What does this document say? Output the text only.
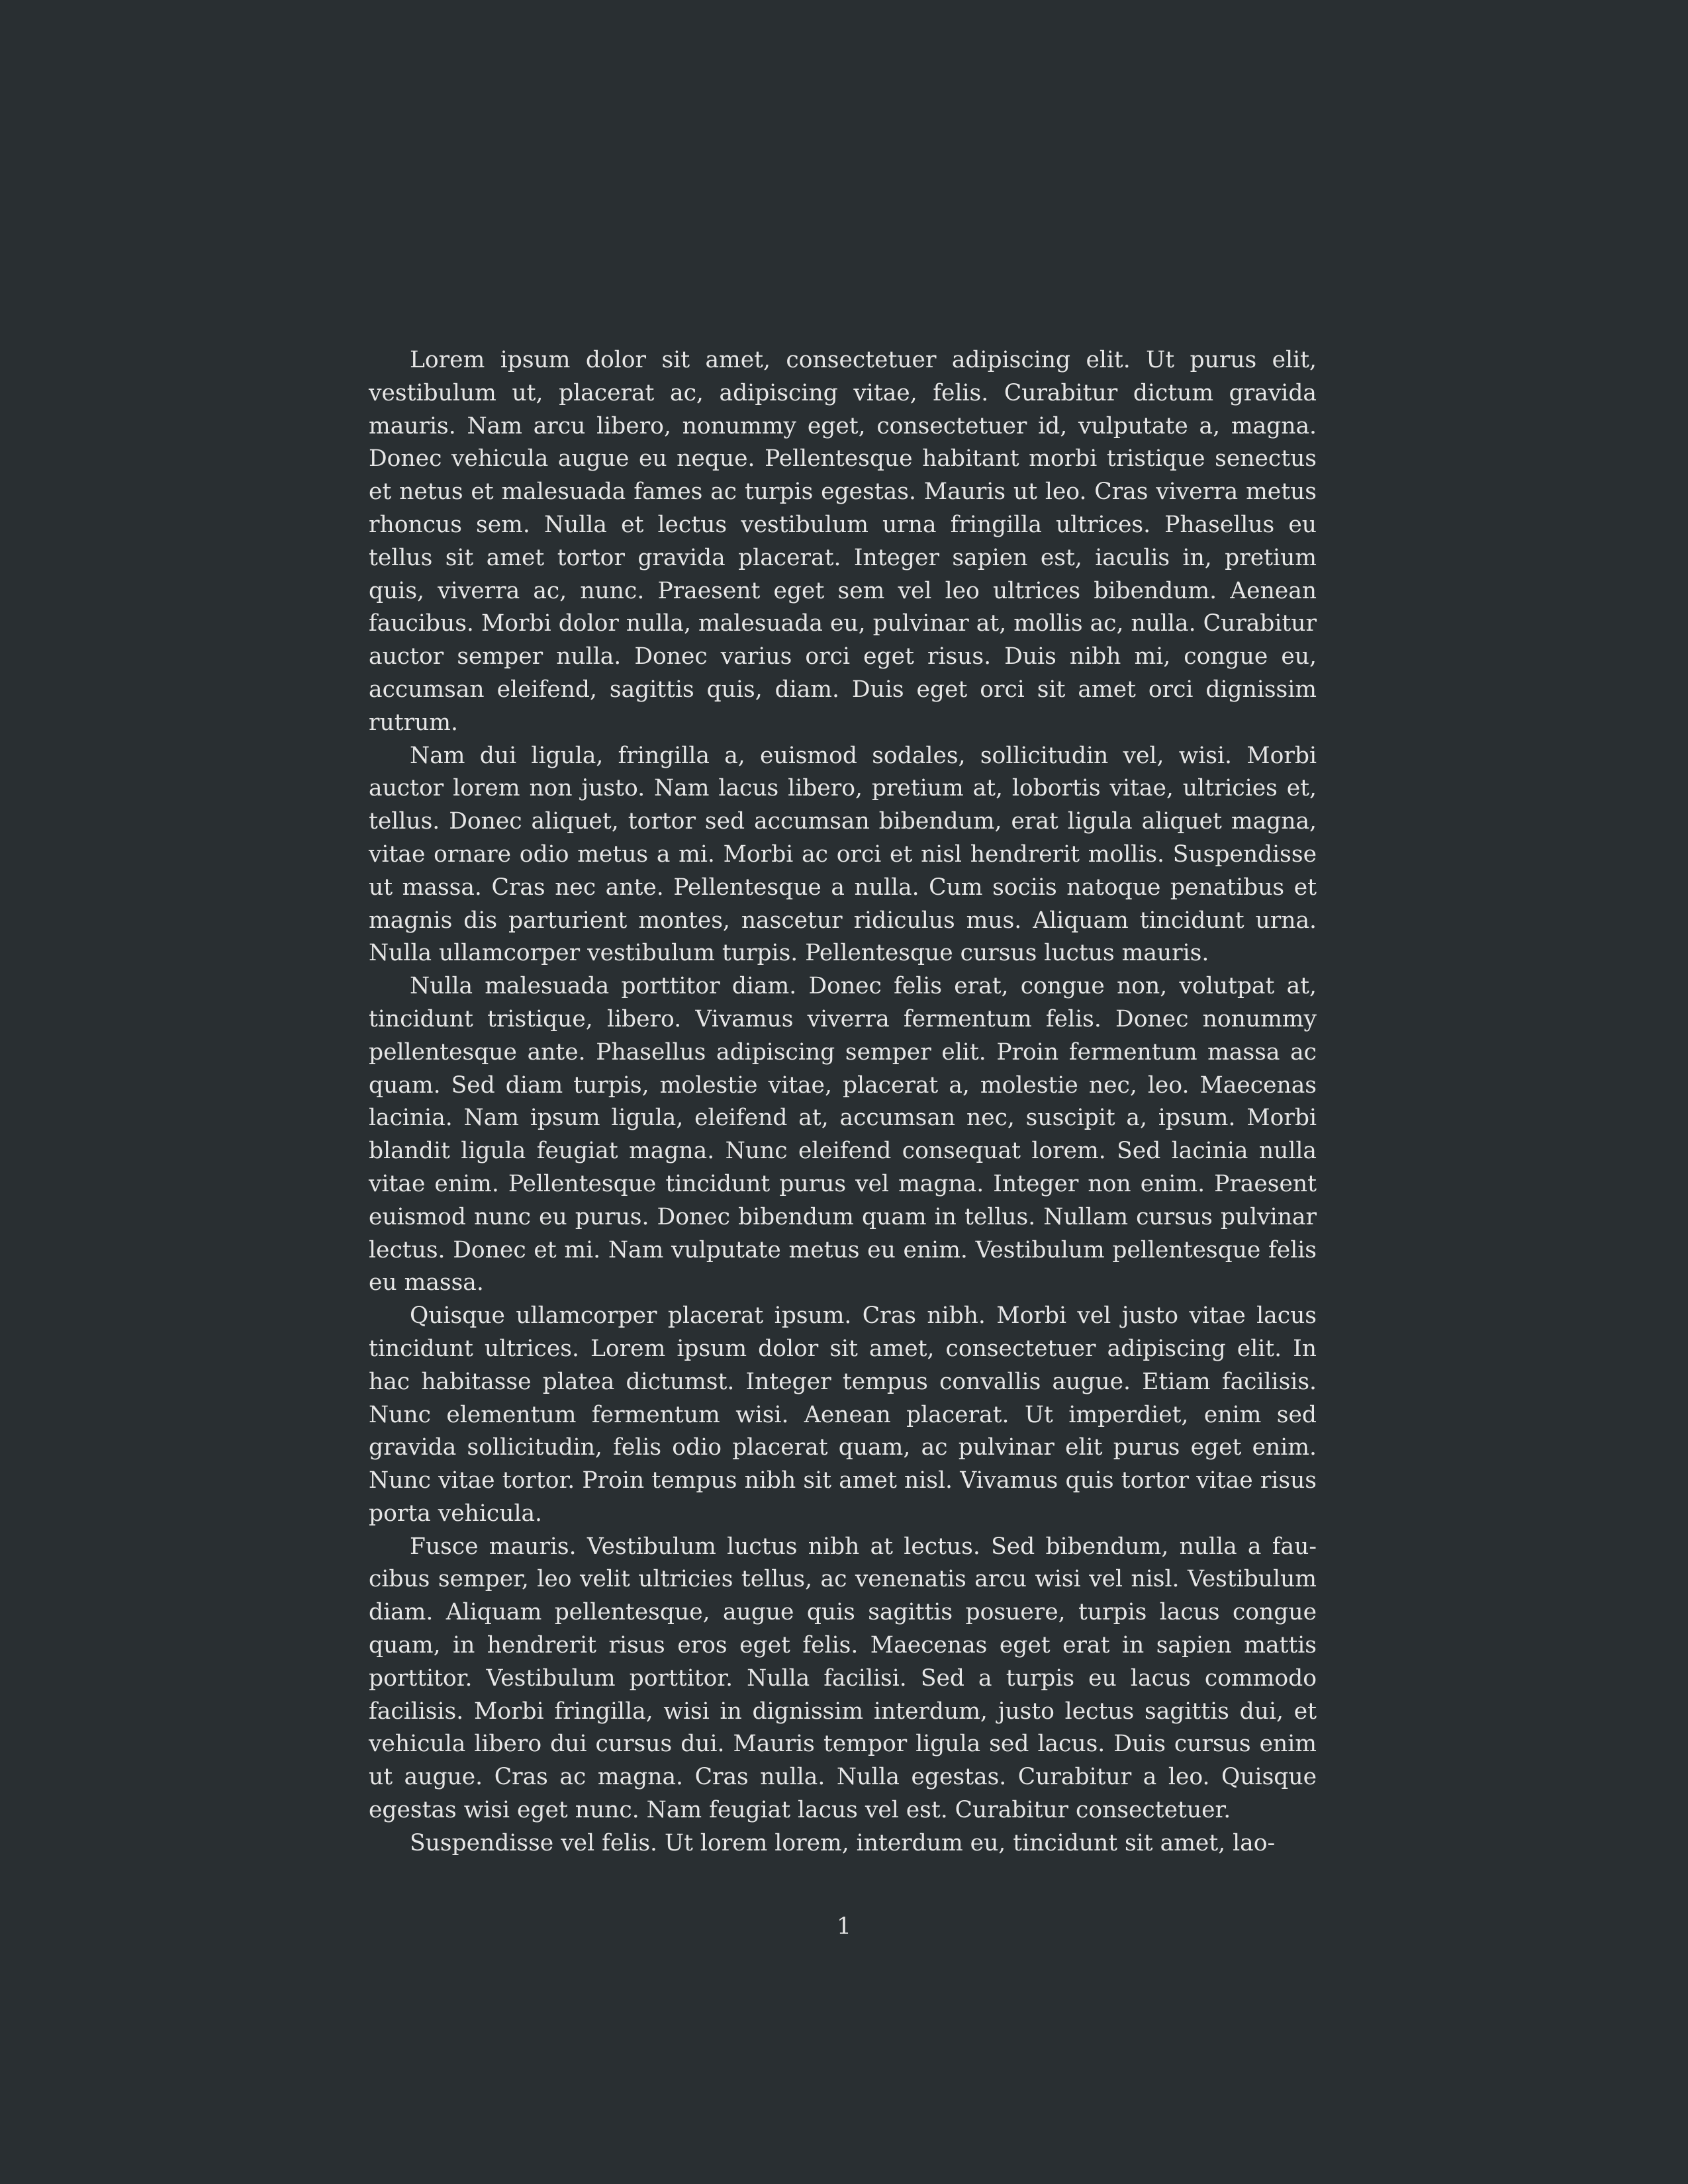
Lorem ipsum dolor sit amet, consectetuer adipiscing elit. Ut purus elit, vestibulum ut, placerat ac, adipiscing vitae, felis. Curabitur dictum gravida mauris. Nam arcu libero, nonummy eget, consectetuer id, vulputate a, magna. Donec vehicula augue eu neque. Pellentesque habitant morbi tristique senectus et netus et malesuada fames ac turpis egestas. Mauris ut leo. Cras viverra metus rhoncus sem. Nulla et lectus vestibulum urna fringilla ultrices. Phasellus eu tellus sit amet tortor gravida placerat. Integer sapien est, iaculis in, pretium quis, viverra ac, nunc. Praesent eget sem vel leo ultrices bibendum. Aenean faucibus. Morbi dolor nulla, malesuada eu, pulvinar at, mollis ac, nulla. Curabitur auctor semper nulla. Donec varius orci eget risus. Duis nibh mi, congue eu, accumsan eleifend, sagittis quis, diam. Duis eget orci sit amet orci dignissim rutrum.

Nam dui ligula, fringilla a, euismod sodales, sollicitudin vel, wisi. Morbi auctor lorem non justo. Nam lacus libero, pretium at, lobortis vitae, ultricies et, tellus. Donec aliquet, tortor sed accumsan bibendum, erat ligula aliquet magna, vitae ornare odio metus a mi. Morbi ac orci et nisl hendrerit mollis. Suspendisse ut massa. Cras nec ante. Pellentesque a nulla. Cum sociis natoque penatibus et magnis dis parturient montes, nascetur ridiculus mus. Aliquam tincidunt urna. Nulla ullamcorper vestibulum turpis. Pellentesque cursus luctus mauris.

Nulla malesuada porttitor diam. Donec felis erat, congue non, volutpat at, tincidunt tristique, libero. Vivamus viverra fermentum felis. Donec nonummy pellentesque ante. Phasellus adipiscing semper elit. Proin fermentum massa ac quam. Sed diam turpis, molestie vitae, placerat a, molestie nec, leo. Maecenas lacinia. Nam ipsum ligula, eleifend at, accumsan nec, suscipit a, ipsum. Morbi blandit ligula feugiat magna. Nunc eleifend consequat lorem. Sed lacinia nulla vitae enim. Pellentesque tincidunt purus vel magna. Integer non enim. Praesent euismod nunc eu purus. Donec bibendum quam in tellus. Nullam cursus pulvinar lectus. Donec et mi. Nam vulputate metus eu enim. Vestibulum pellentesque felis eu massa.

Quisque ullamcorper placerat ipsum. Cras nibh. Morbi vel justo vitae lacus tincidunt ultrices. Lorem ipsum dolor sit amet, consectetuer adipiscing elit. In hac habitasse platea dictumst. Integer tempus convallis augue. Etiam facilisis. Nunc elementum fermentum wisi. Aenean placerat. Ut imperdiet, enim sed gravida sollicitudin, felis odio placerat quam, ac pulvinar elit purus eget enim. Nunc vitae tortor. Proin tempus nibh sit amet nisl. Vivamus quis tortor vitae risus porta vehicula.

Fusce mauris. Vestibulum luctus nibh at lectus. Sed bibendum, nulla a faucibus semper, leo velit ultricies tellus, ac venenatis arcu wisi vel nisl. Vestibulum diam. Aliquam pellentesque, augue quis sagittis posuere, turpis lacus congue quam, in hendrerit risus eros eget felis. Maecenas eget erat in sapien mattis porttitor. Vestibulum porttitor. Nulla facilisi. Sed a turpis eu lacus commodo facilisis. Morbi fringilla, wisi in dignissim interdum, justo lectus sagittis dui, et vehicula libero dui cursus dui. Mauris tempor ligula sed lacus. Duis cursus enim ut augue. Cras ac magna. Cras nulla. Nulla egestas. Curabitur a leo. Quisque egestas wisi eget nunc. Nam feugiat lacus vel est. Curabitur consectetuer.

Suspendisse vel felis. Ut lorem lorem, interdum eu, tincidunt sit amet, lao-

1
